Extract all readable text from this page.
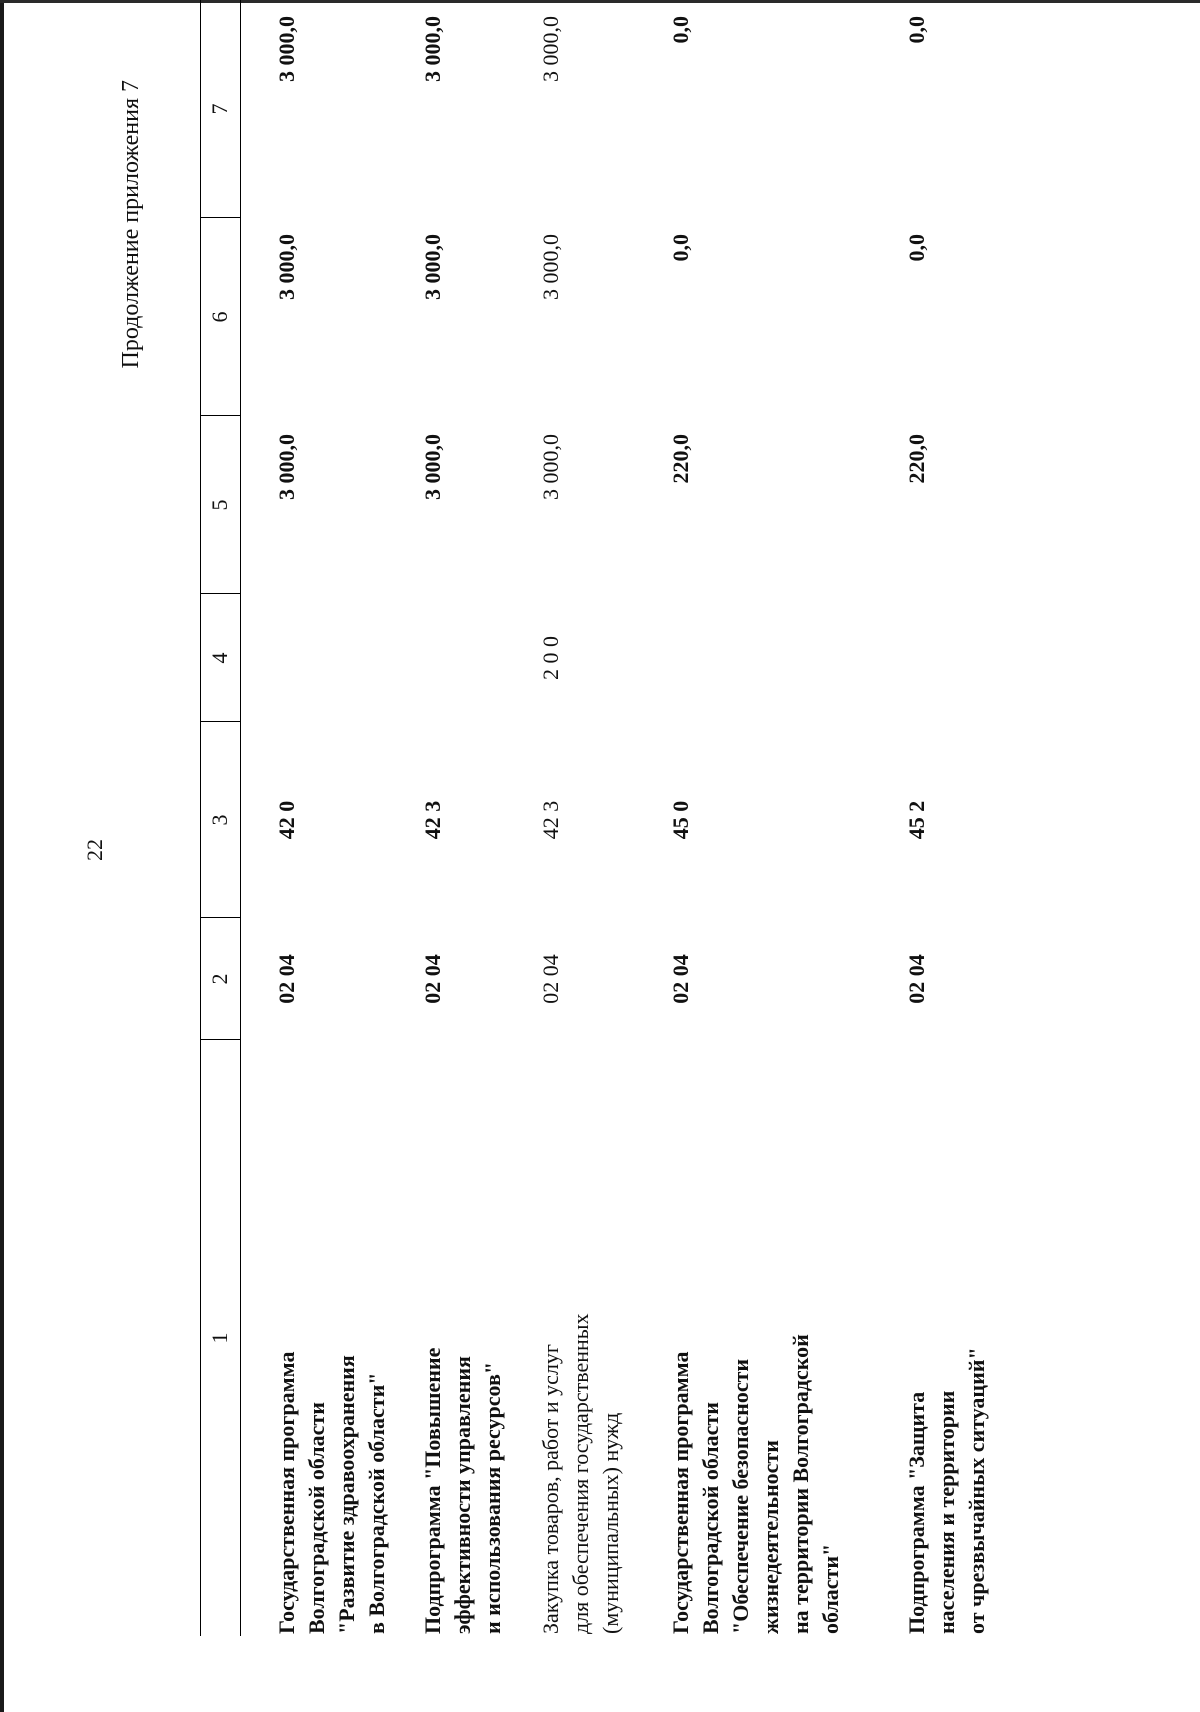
22
Продолжение приложения 7
1
2
3
4
5
6
7
Государственная программа Волгоградской области "Развитие здравоохранения в Волгоградской области"
02 04
42 0
3 000,0
3 000,0
3 000,0
Подпрограмма "Повышение эффективности управления и использования ресурсов"
02 04
42 3
3 000,0
3 000,0
3 000,0
Закупка товаров, работ и услуг для обеспечения государственных (муниципальных) нужд
02 04
42 3
2 0 0
3 000,0
3 000,0
3 000,0
Государственная программа Волгоградской области "Обеспечение безопасности жизнедеятельности на территории Волгоградской области"
02 04
45 0
220,0
0,0
0,0
Подпрограмма "Защита населения и территории от чрезвычайных ситуаций"
02 04
45 2
220,0
0,0
0,0
